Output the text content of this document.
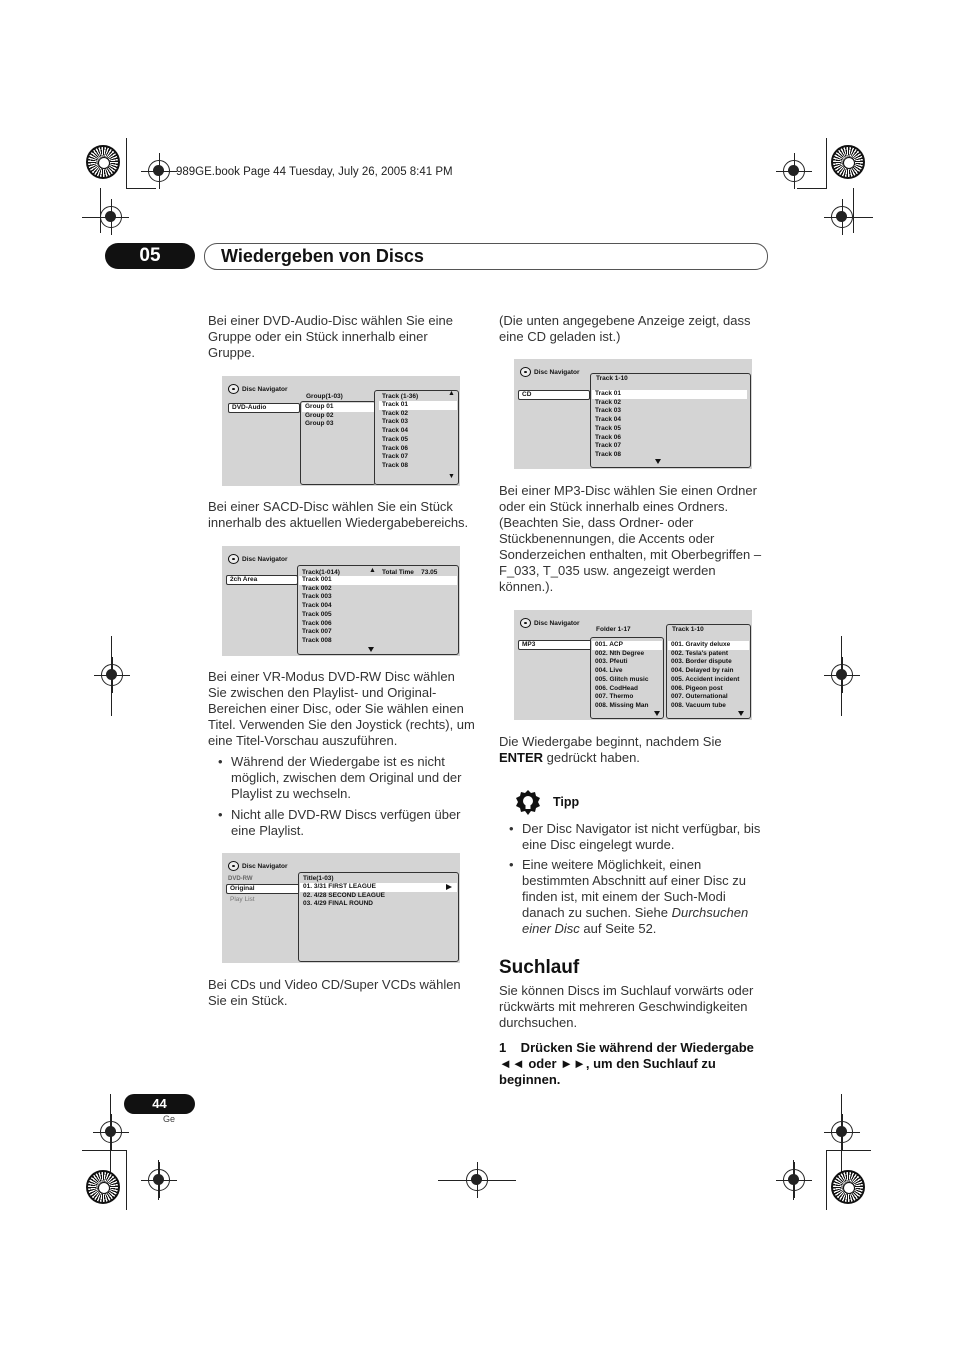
989GE.book Page 44 Tuesday, July 26, 2005 8:41 PM
05	Wiedergeben von Discs
Bei einer DVD-Audio-Disc wählen Sie eine Gruppe oder ein Stück innerhalb einer Gruppe.
Disc Navigator
DVD-Audio
Group(1-03)
Group 01
Group 02
Group 03
Track (1-36)	▲
Track 01
Track 02
Track 03
Track 04
Track 05
Track 06
Track 07
Track 08
▼
Bei einer SACD-Disc wählen Sie ein Stück innerhalb des aktuellen Wiedergabebereichs.
Disc Navigator
2ch Area
Track(1-014)	▲ Total Time    73.05
Track 001
Track 002
Track 003
Track 004
Track 005
Track 006
Track 007
Track 008
Bei einer VR-Modus DVD-RW Disc wählen Sie zwischen den Playlist- und Original-Bereichen einer Disc, oder Sie wählen einen Titel. Verwenden Sie den Joystick (rechts), um eine Titel-Vorschau auszuführen.
• Während der Wiedergabe ist es nicht möglich, zwischen dem Original und der Playlist zu wechseln.
• Nicht alle DVD-RW Discs verfügen über eine Playlist.
Disc Navigator
DVD-RW
Original
Play List
Title(1-03)
01. 3/31 FIRST LEAGUE
02. 4/28 SECOND LEAGUE
03. 4/29 FINAL ROUND
Bei CDs und Video CD/Super VCDs wählen Sie ein Stück.
(Die unten angegebene Anzeige zeigt, dass eine CD geladen ist.)
Disc Navigator
CD
Track 1-10
Track 01
Track 02
Track 03
Track 04
Track 05
Track 06
Track 07
Track 08
Bei einer MP3-Disc wählen Sie einen Ordner oder ein Stück innerhalb eines Ordners. (Beachten Sie, dass Ordner- oder Stückbenennungen, die Accents oder Sonderzeichen enthalten, mit Oberbegriffen – F_033, T_035 usw. angezeigt werden können.).
Disc Navigator
MP3
Folder 1-17
001. ACP
002. Nth Degree
003. Pfeuti
004. Live
005. Glitch music
006. CodHead
007. Thermo
008. Missing Man
Track 1-10
001. Gravity deluxe
002. Tesla's patent
003. Border dispute
004. Delayed by rain
005. Accident incident
006. Pigeon post
007. Outernational
008. Vacuum tube
Die Wiedergabe beginnt, nachdem Sie ENTER gedrückt haben.
Tipp
• Der Disc Navigator ist nicht verfügbar, bis eine Disc eingelegt wurde.
• Eine weitere Möglichkeit, einen bestimmten Abschnitt auf einer Disc zu finden ist, mit einem der Such-Modi danach zu suchen. Siehe Durchsuchen einer Disc auf Seite 52.
Suchlauf
Sie können Discs im Suchlauf vorwärts oder rückwärts mit mehreren Geschwindigkeiten durchsuchen.
1    Drücken Sie während der Wiedergabe ◄◄ oder ►►, um den Suchlauf zu beginnen.
44
Ge
